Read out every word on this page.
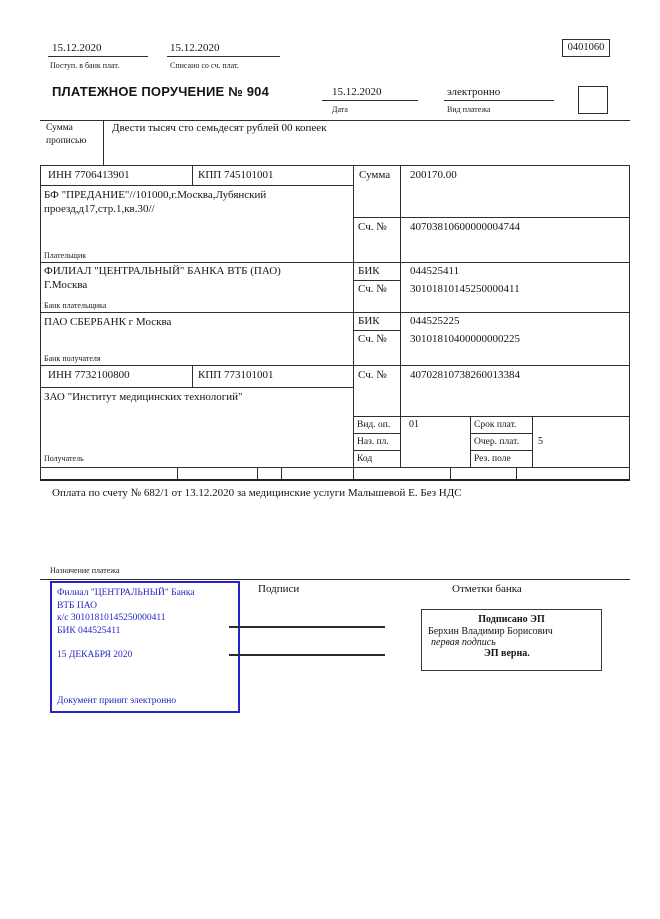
15.12.2020
Поступ. в банк плат.
15.12.2020
Списано со сч. плат.
0401060
ПЛАТЕЖНОЕ ПОРУЧЕНИЕ № 904	15.12.2020
Дата
электронно
Вид платежа
Сумма
прописью
Двести тысяч сто семьдесят рублей 00 копеек
ИНН 7706413901	КПП 745101001	Сумма 200170.00
БФ "ПРЕДАНИЕ"//101000,г.Москва,Лубянский
проезд,д17,стр.1,кв.30//
Сч. № 40703810600000004744
Плательщик
ФИЛИАЛ "ЦЕНТРАЛЬНЫЙ" БАНКА ВТБ (ПАО)
Г.Москва
БИК	044525411
Сч. № 30101810145250000411
Банк плательщика
ПАО СБЕРБАНК г Москва	БИК	044525225
Сч. № 30101810400000000225
Банк получателя
ИНН 7732100800	КПП 773101001	Сч. № 40702810738260013384
ЗАО "Институт медицинских технологий"
Получатель
Вид. оп. 01	Срок плат.
Наз. пл.	Очер. плат. 5
Код	Рез. поле
Оплата по счету № 682/1 от 13.12.2020 за медицинские услуги Малышевой Е. Без НДС
Назначение платежа
Филиал "ЦЕНТРАЛЬНЫЙ" Банка
ВТБ ПАО
к/с 30101810145250000411
БИК 044525411
15 ДЕКАБРЯ 2020
Документ принят электронно
Подписи	Отметки банка
Подписано ЭП
Берхин Владимир Борисович
первая подпись
ЭП верна.
